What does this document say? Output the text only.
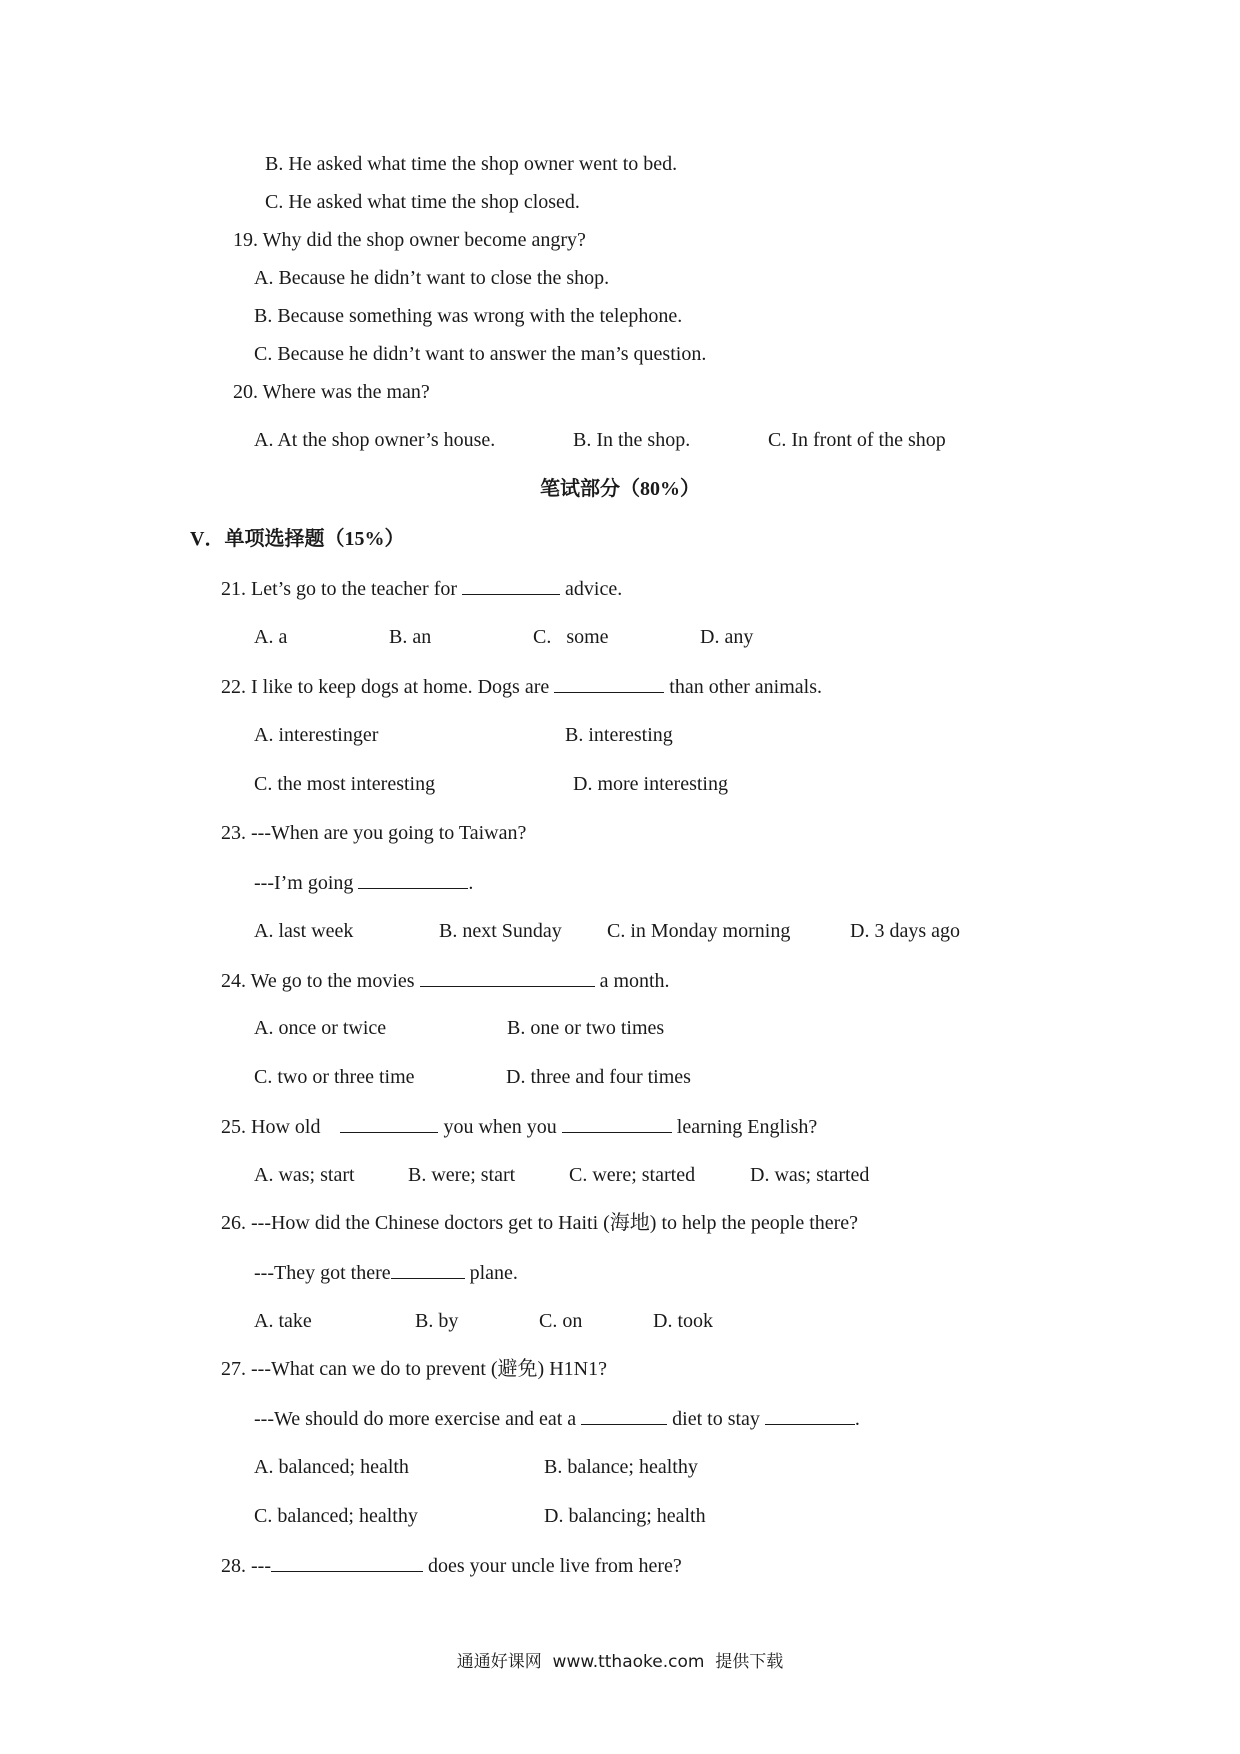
B. He asked what time the shop owner went to bed.
C. He asked what time the shop closed.
19. Why did the shop owner become angry?
A. Because he didn’t want to close the shop.
B. Because something was wrong with the telephone.
C. Because he didn’t want to answer the man’s question.
20. Where was the man?
A. At the shop owner’s house.	B. In the shop.	C. In front of the shop
笔试部分（80%）
V．单项选择题（15%）
21. Let’s go to the teacher for	advice.
A. a	B. an	C.   some	D. any
22. I like to keep dogs at home. Dogs are	than other animals.
A. interestinger	B. interesting
C. the most interesting	D. more interesting
23. ---When are you going to Taiwan?
---I’m going	.
A. last week	B. next Sunday C. in Monday morning	D. 3 days ago
24. We go to the movies	a month.
A. once or twice	B. one or two times
C. two or three time	D. three and four times
25. How old	you when you	learning English?
A. was; start	B. were; start	C. were; started	D. was; started
26. ---How did the Chinese doctors get to Haiti (海地) to help the people there?
---They got there	plane.
A. take	B. by	C. on	D. took
27. ---What can we do to prevent (避免) H1N1?
---We should do more exercise and eat a	diet to stay	.
A. balanced; health	B. balance; healthy
C. balanced; healthy	D. balancing; health
28. ---	does your uncle live from here?
通通好课网  www.tthaoke.com  提供下载
